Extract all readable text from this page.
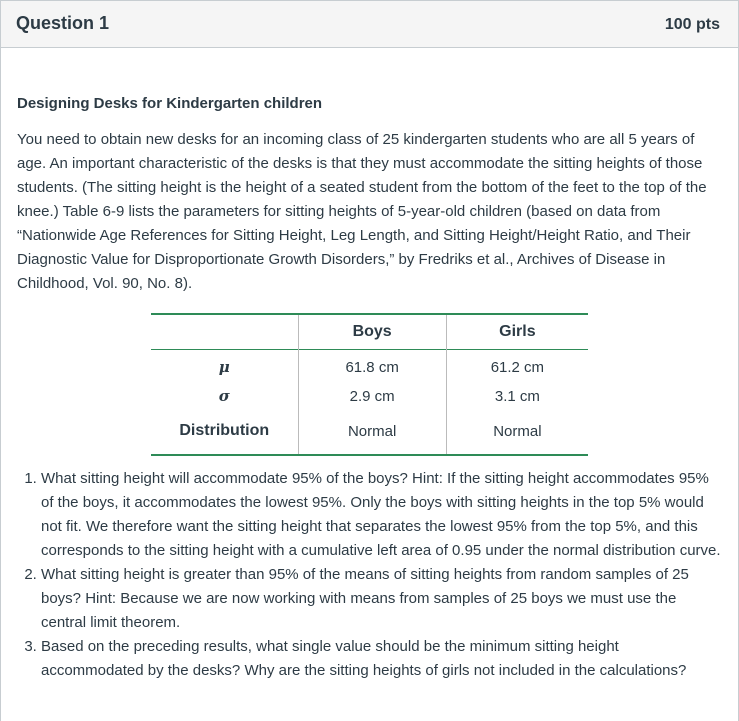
Question 1	100 pts

Designing Desks for Kindergarten children

You need to obtain new desks for an incoming class of 25 kindergarten students who are all 5 years of age. An important characteristic of the desks is that they must accommodate the sitting heights of those students. (The sitting height is the height of a seated student from the bottom of the feet to the top of the knee.) Table 6-9 lists the parameters for sitting heights of 5-year-old children (based on data from “Nationwide Age References for Sitting Height, Leg Length, and Sitting Height/Height Ratio, and Their Diagnostic Value for Disproportionate Growth Disorders,” by Fredriks et al., Archives of Disease in Childhood, Vol. 90, No. 8).

	Boys	Girls
μ	61.8 cm	61.2 cm
σ	2.9 cm	3.1 cm
Distribution	Normal	Normal
1. What sitting height will accommodate 95% of the boys? Hint: If the sitting height accommodates 95% of the boys, it accommodates the lowest 95%. Only the boys with sitting heights in the top 5% would not fit. We therefore want the sitting height that separates the lowest 95% from the top 5%, and this corresponds to the sitting height with a cumulative left area of 0.95 under the normal distribution curve.
2. What sitting height is greater than 95% of the means of sitting heights from random samples of 25 boys? Hint: Because we are now working with means from samples of 25 boys we must use the central limit theorem.
3. Based on the preceding results, what single value should be the minimum sitting height accommodated by the desks? Why are the sitting heights of girls not included in the calculations?
